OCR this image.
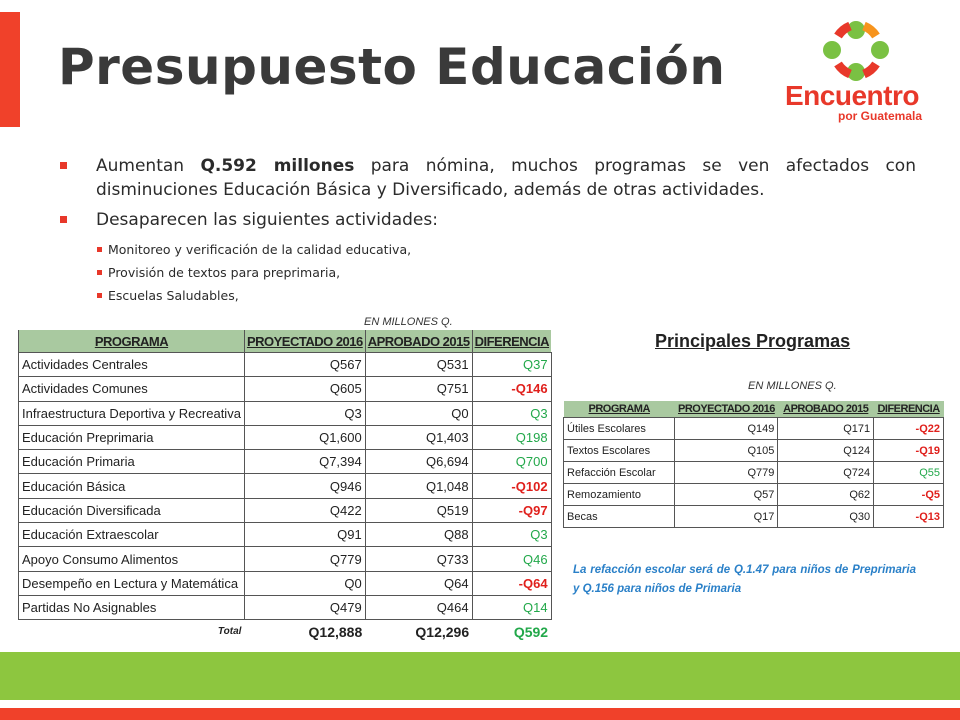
Presupuesto Educación Encuentro
por Guatemala
Aumentan Q.592 millones para nómina, muchos programas se ven afectados con disminuciones Educación Básica y Diversificado, además de otras actividades.
Desaparecen las siguientes actividades:
Monitoreo y verificación de la calidad educativa,
Provisión de textos para preprimaria,
Escuelas Saludables,
EN MILLONES Q.
PROGRAMA	PROYECTADO 2016	APROBADO 2015	DIFERENCIA
Actividades Centrales	Q567	Q531	Q37
Actividades Comunes	Q605	Q751	-Q146
Infraestructura Deportiva y Recreativa	Q3	Q0	Q3
Educación Preprimaria	Q1,600	Q1,403	Q198
Educación Primaria	Q7,394	Q6,694	Q700
Educación Básica	Q946	Q1,048	-Q102
Educación Diversificada	Q422	Q519	-Q97
Educación Extraescolar	Q91	Q88	Q3
Apoyo Consumo Alimentos	Q779	Q733	Q46
Desempeño en Lectura y Matemática	Q0	Q64	-Q64
Partidas No Asignables	Q479	Q464	Q14
Total	Q12,888	Q12,296	Q592
Principales Programas
EN MILLONES Q.
PROGRAMA	PROYECTADO 2016	APROBADO 2015	DIFERENCIA
Útiles Escolares	Q149	Q171	-Q22
Textos Escolares	Q105	Q124	-Q19
Refacción Escolar	Q779	Q724	Q55
Remozamiento	Q57	Q62	-Q5
Becas	Q17	Q30	-Q13
La refacción escolar será de Q.1.47 para niños de Preprimaria y Q.156 para niños de Primaria
